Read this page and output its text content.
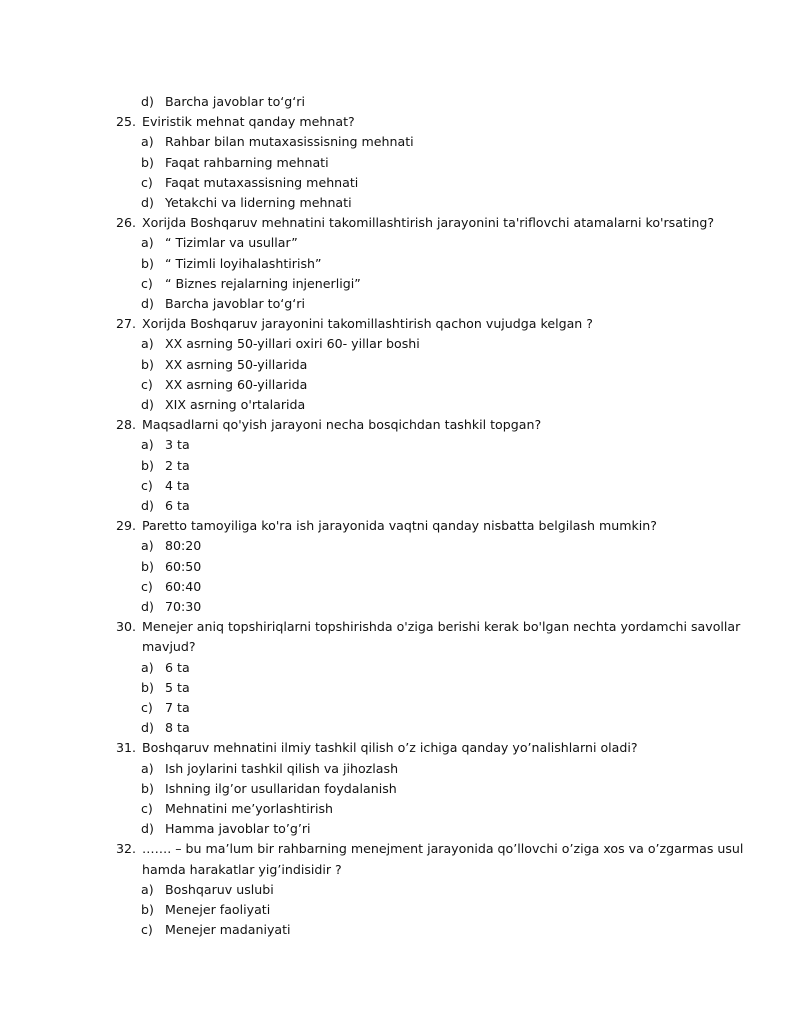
d) Barcha javoblar to‘g‘ri
25. Eviristik mehnat qanday mehnat?
a) Rahbar bilan mutaxasissisning mehnati
b) Faqat rahbarning mehnati
c) Faqat mutaxassisning mehnati
d) Yetakchi va liderning mehnati
26. Xorijda Boshqaruv mehnatini takomillashtirish jarayonini ta'riflovchi atamalarni ko'rsating?
a) “ Tizimlar va usullar”
b) “ Tizimli loyihalashtirish”
c) “ Biznes rejalarning injenerligi”
d) Barcha javoblar to‘g‘ri
27. Xorijda Boshqaruv jarayonini takomillashtirish qachon vujudga kelgan ?
a) XX asrning 50-yillari oxiri 60- yillar boshi
b) XX asrning 50-yillarida
c) XX asrning 60-yillarida
d) XIX asrning o'rtalarida
28. Maqsadlarni qo'yish jarayoni necha bosqichdan tashkil topgan?
a) 3 ta
b) 2 ta
c) 4 ta
d) 6 ta
29. Paretto tamoyiliga ko'ra ish jarayonida vaqtni qanday nisbatta belgilash mumkin?
a) 80:20
b) 60:50
c) 60:40
d) 70:30
30. Menejer aniq topshiriqlarni topshirishda o'ziga berishi kerak bo'lgan nechta yordamchi savollar
mavjud?
a) 6 ta
b) 5 ta
c) 7 ta
d) 8 ta
31. Boshqaruv mehnatini ilmiy tashkil qilish o’z ichiga qanday yo’nalishlarni oladi?
a) Ish joylarini tashkil qilish va jihozlash
b) Ishning ilg’or usullaridan foydalanish
c) Mehnatini me’yorlashtirish
d) Hamma javoblar to’g’ri
32. ……. – bu ma’lum bir rahbarning menejment jarayonida qo’llovchi o’ziga xos va o’zgarmas usul
hamda harakatlar yig’indisidir ?
a) Boshqaruv uslubi
b) Menejer faoliyati
c) Menejer madaniyati
